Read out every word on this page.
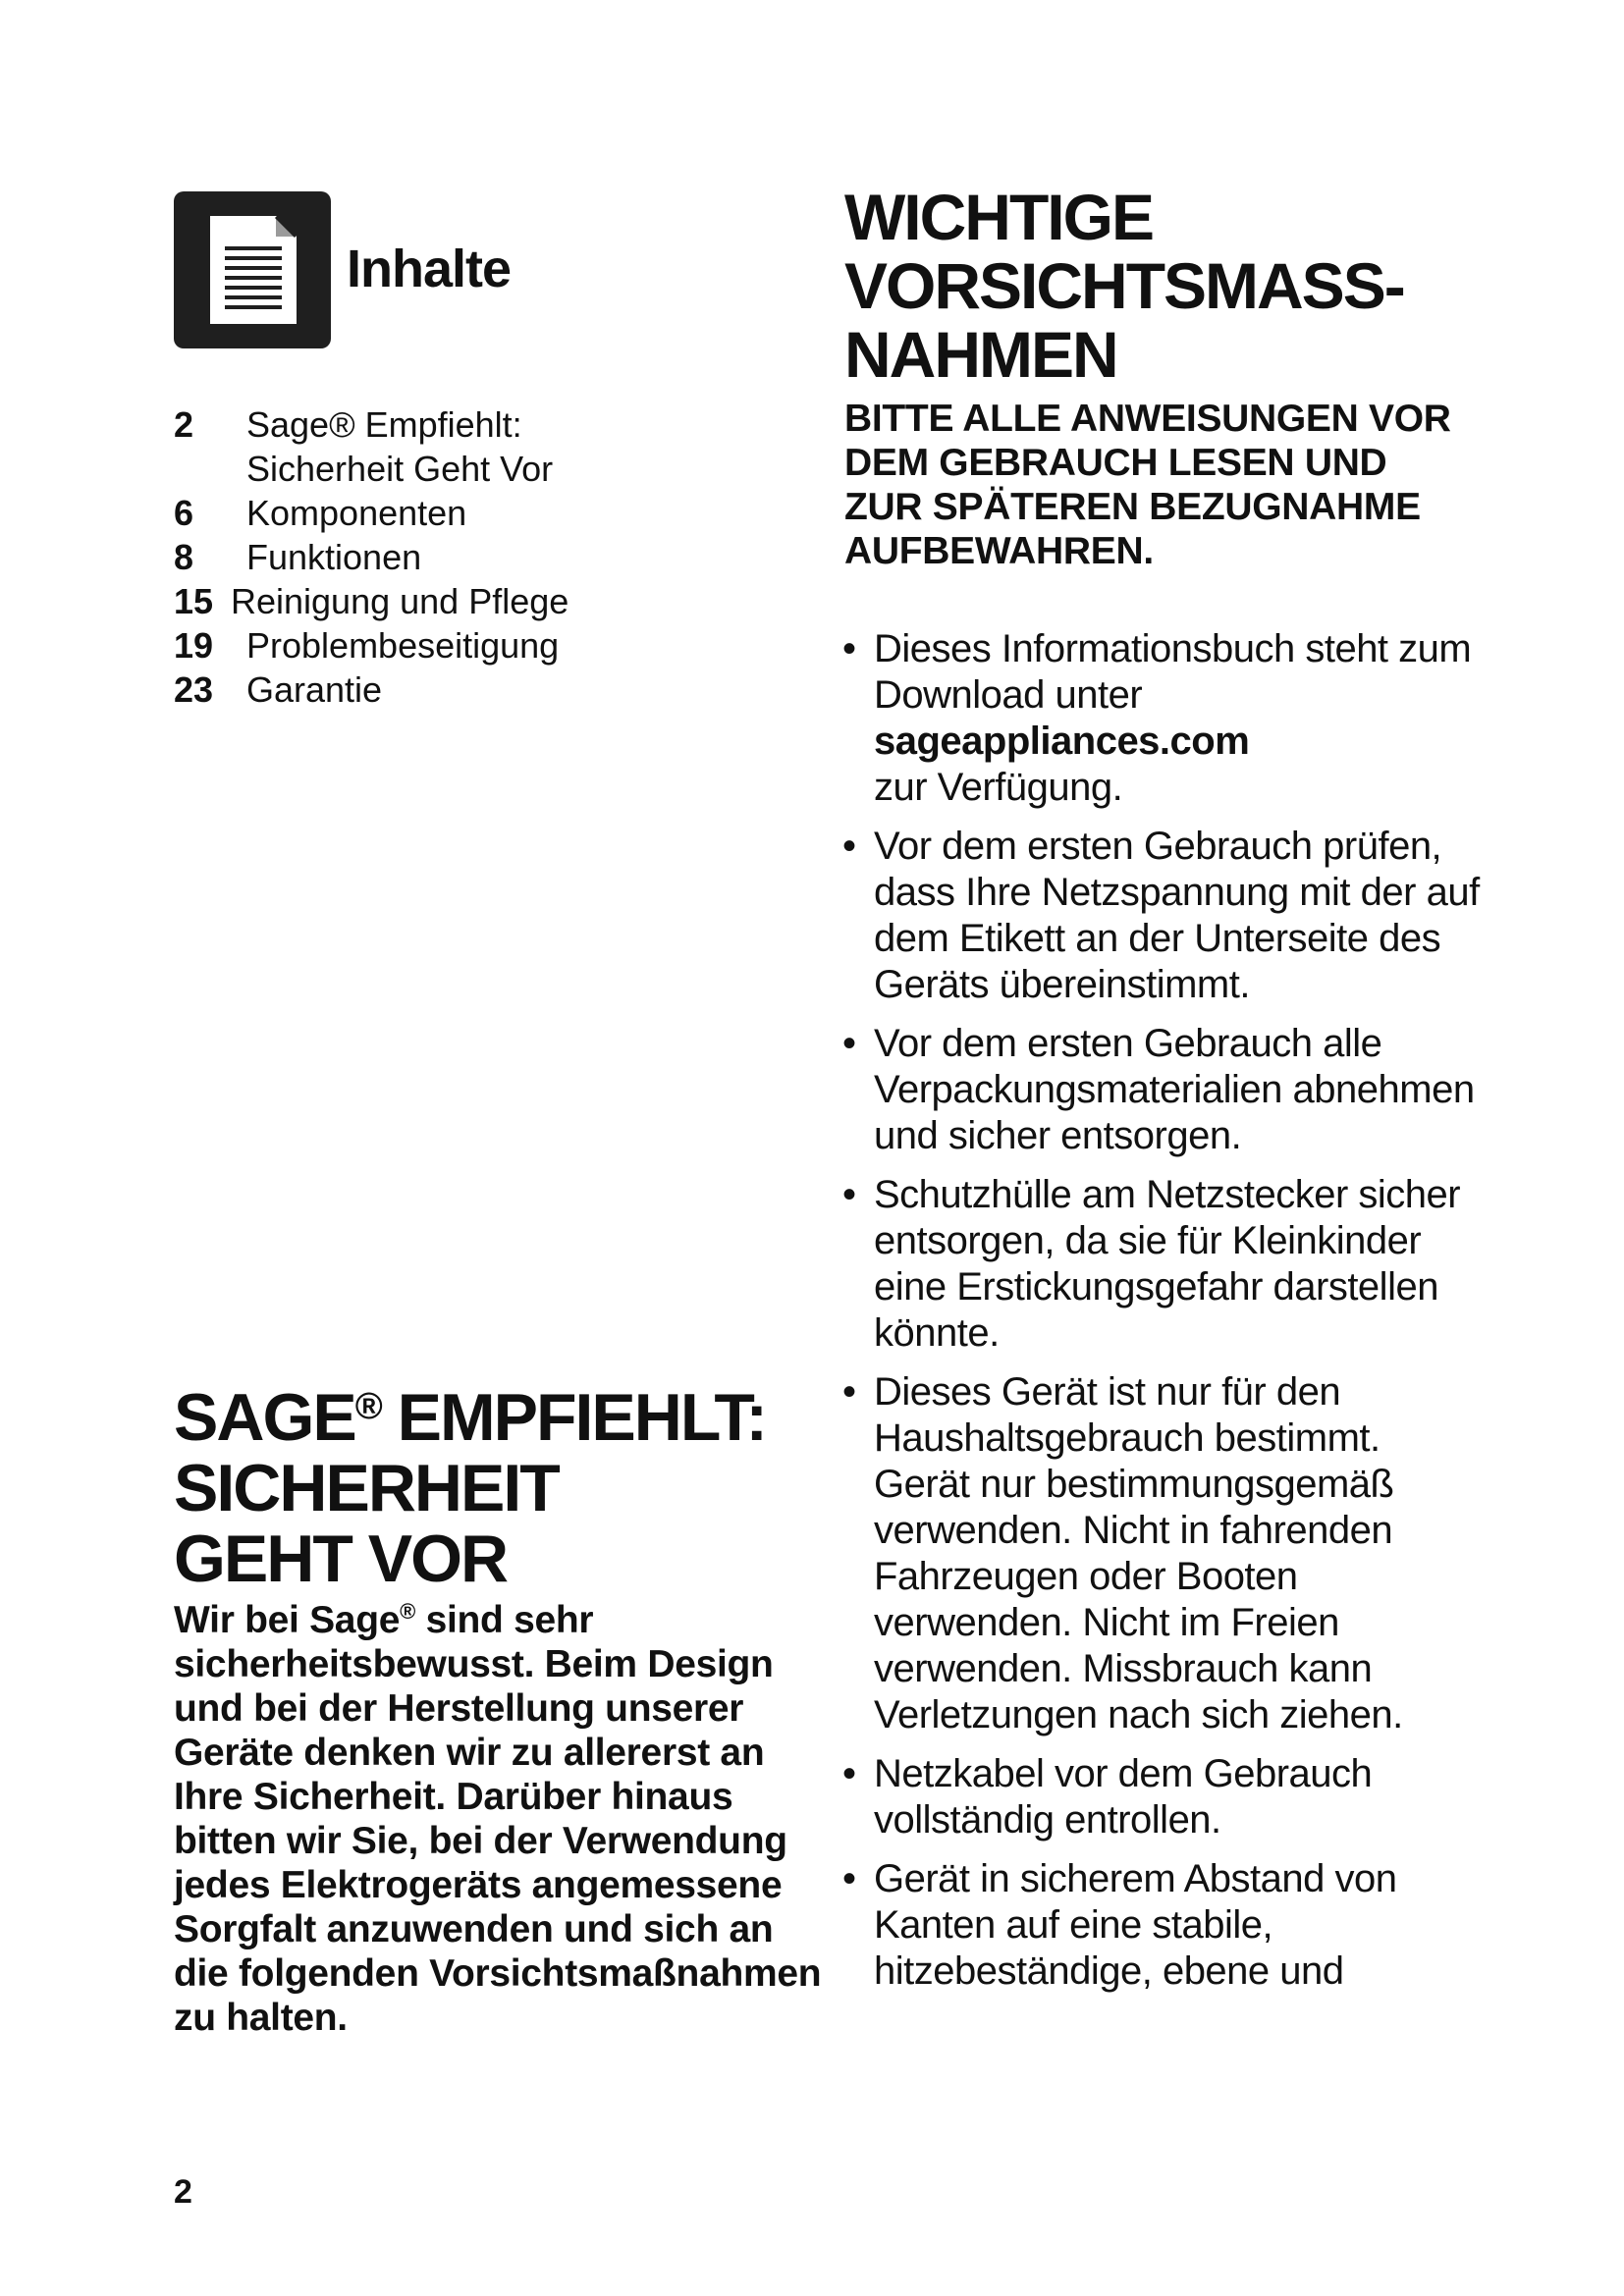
Inhalte
2 Sage® Empfiehlt:
Sicherheit Geht Vor
6 Komponenten
8 Funktionen
15 Reinigung und Pflege
19 Problembeseitigung
23 Garantie
SAGE® EMPFIEHLT:
SICHERHEIT
GEHT VOR
Wir bei Sage® sind sehr sicherheitsbewusst. Beim Design und bei der Herstellung unserer Geräte denken wir zu allererst an Ihre Sicherheit. Darüber hinaus bitten wir Sie, bei der Verwendung jedes Elektrogeräts angemessene Sorgfalt anzuwenden und sich an die folgenden Vorsichtsmaßnahmen zu halten.
2
WICHTIGE
VORSICHTSMASS-
NAHMEN
BITTE ALLE ANWEISUNGEN VOR DEM GEBRAUCH LESEN UND ZUR SPÄTEREN BEZUGNAHME AUFBEWAHREN.
• Dieses Informationsbuch steht zum Download unter
sageappliances.com
zur Verfügung.
• Vor dem ersten Gebrauch prüfen, dass Ihre Netzspannung mit der auf dem Etikett an der Unterseite des Geräts übereinstimmt.
• Vor dem ersten Gebrauch alle Verpackungsmaterialien abnehmen und sicher entsorgen.
• Schutzhülle am Netzstecker sicher entsorgen, da sie für Kleinkinder eine Erstickungsgefahr darstellen könnte.
• Dieses Gerät ist nur für den Haushaltsgebrauch bestimmt. Gerät nur bestimmungsgemäß verwenden. Nicht in fahrenden Fahrzeugen oder Booten verwenden. Nicht im Freien verwenden. Missbrauch kann Verletzungen nach sich ziehen.
• Netzkabel vor dem Gebrauch vollständig entrollen.
• Gerät in sicherem Abstand von Kanten auf eine stabile, hitzebeständige, ebene und
